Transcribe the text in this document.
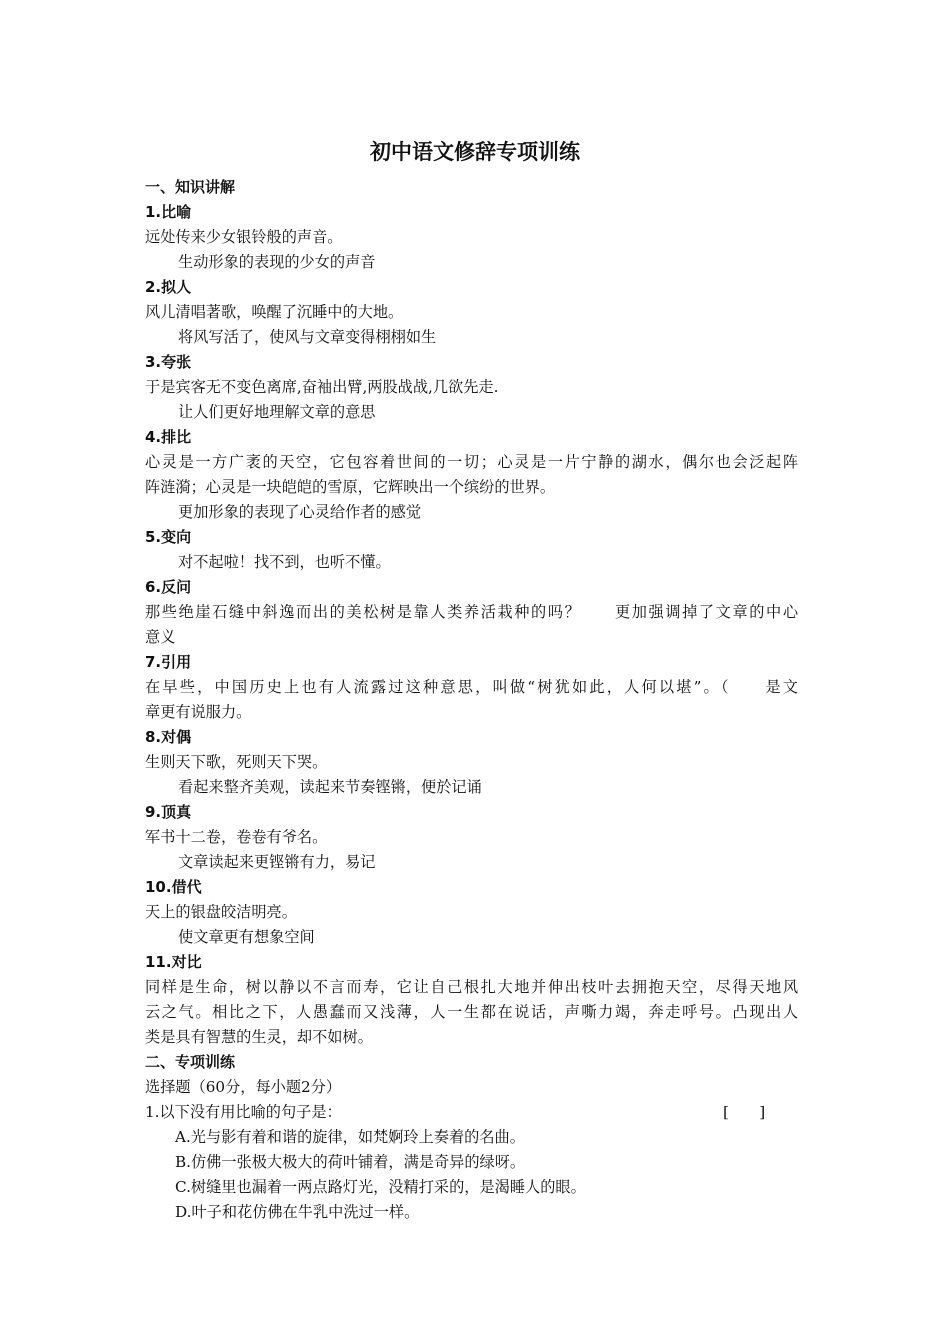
初中语文修辞专项训练
一、知识讲解
1.比喻
远处传来少女银铃般的声音。
生动形象的表现的少女的声音
2.拟人
风儿清唱著歌，唤醒了沉睡中的大地。
将风写活了，使风与文章变得栩栩如生
3.夸张
于是宾客无不变色离席,奋袖出臂,两股战战,几欲先走.
让人们更好地理解文章的意思
4.排比
心灵是一方广袤的天空，它包容着世间的一切；心灵是一片宁静的湖水，偶尔也会泛起阵
阵涟漪；心灵是一块皑皑的雪原，它辉映出一个缤纷的世界。
更加形象的表现了心灵给作者的感觉
5.变向
对不起啦！找不到，也听不懂。
6.反问
那些绝崖石缝中斜逸而出的美松树是靠人类养活栽种的吗？　　更加强调掉了文章的中心
意义
7.引用
在早些，中国历史上也有人流露过这种意思，叫做“树犹如此，人何以堪”。（　　是文
章更有说服力。
8.对偶
生则天下歌，死则天下哭。
看起来整齐美观，读起来节奏铿锵，便於记诵
9.顶真
军书十二卷，卷卷有爷名。
文章读起来更铿锵有力，易记
10.借代
天上的银盘皎洁明亮。
使文章更有想象空间
11.对比
同样是生命，树以静以不言而寿，它让自己根扎大地并伸出枝叶去拥抱天空，尽得天地风
云之气。相比之下，人愚蠢而又浅薄，人一生都在说话，声嘶力竭，奔走呼号。凸现出人
类是具有智慧的生灵，却不如树。
二、专项训练
选择题（60分，每小题2分）
1.以下没有用比喻的句子是：	[　　]
A.光与影有着和谐的旋律，如梵婀玲上奏着的名曲。
B.仿佛一张极大极大的荷叶铺着，满是奇异的绿呀。
C.树缝里也漏着一两点路灯光，没精打采的，是渴睡人的眼。
D.叶子和花仿佛在牛乳中洗过一样。
